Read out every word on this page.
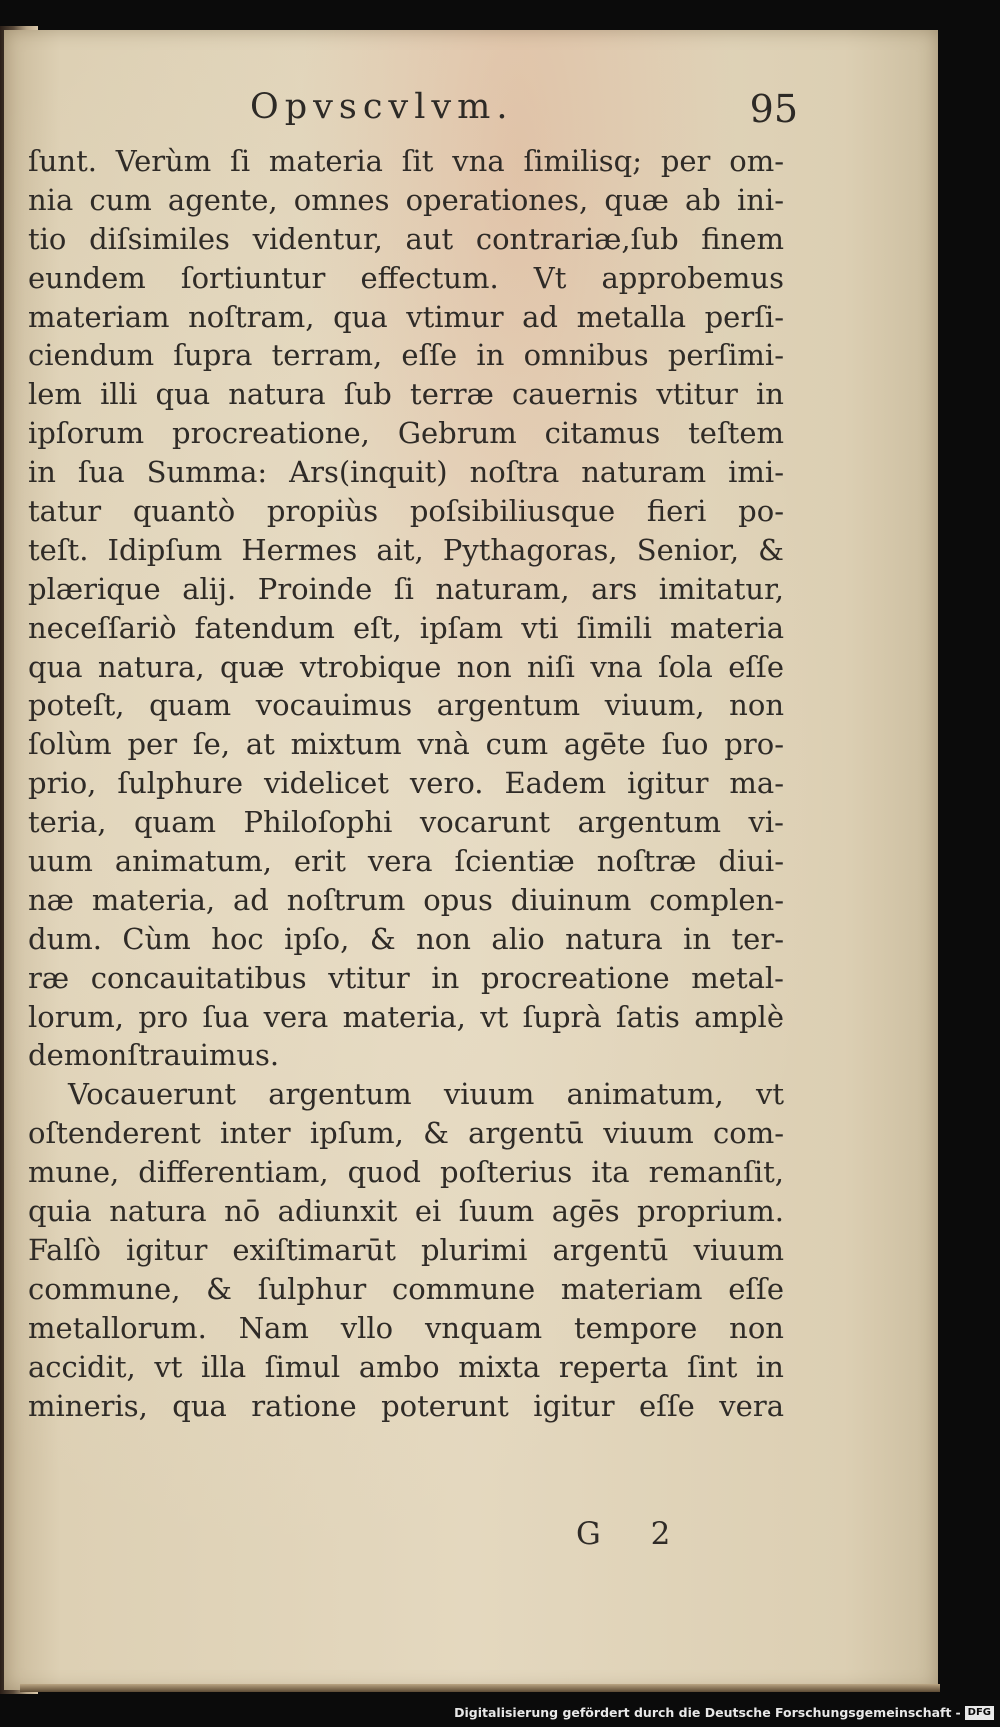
Opvscvlvm.	95
ſunt. Verùm ſi materia ſit vna ſimilisq; per om-
nia cum agente, omnes operationes, quæ ab ini-
tio diſsimiles videntur, aut contrariæ,ſub finem
eundem ſortiuntur effectum. Vt approbemus
materiam noſtram, qua vtimur ad metalla perſi-
ciendum ſupra terram, eſſe in omnibus perſimi-
lem illi qua natura ſub terræ cauernis vtitur in
ipſorum procreatione, Gebrum citamus teſtem
in ſua Summa: Ars(inquit) noſtra naturam imi-
tatur quantò propiùs poſsibiliusque fieri po-
teſt. Idipſum Hermes ait, Pythagoras, Senior, &
plærique alij. Proinde ſi naturam, ars imitatur,
neceſſariò fatendum eſt, ipſam vti ſimili materia
qua natura, quæ vtrobique non niſi vna ſola eſſe
poteſt, quam vocauimus argentum viuum, non
ſolùm per ſe, at mixtum vnà cum agēte ſuo pro-
prio, ſulphure videlicet vero. Eadem igitur ma-
teria, quam Philoſophi vocarunt argentum vi-
uum animatum, erit vera ſcientiæ noſtræ diui-
næ materia, ad noſtrum opus diuinum complen-
dum. Cùm hoc ipſo, & non alio natura in ter-
ræ concauitatibus vtitur in procreatione metal-
lorum, pro ſua vera materia, vt ſuprà ſatis amplè
demonſtrauimus.
Vocauerunt argentum viuum animatum, vt
oſtenderent inter ipſum, & argentū viuum com-
mune, differentiam, quod poſterius ita remanſit,
quia natura nō adiunxit ei ſuum agēs proprium.
Falſò igitur exiſtimarūt plurimi argentū viuum
commune, & ſulphur commune materiam eſſe
metallorum. Nam vllo vnquam tempore non
accidit, vt illa ſimul ambo mixta reperta ſint in
mineris, qua ratione poterunt igitur eſſe vera
G 2
Digitalisierung gefördert durch die Deutsche Forschungsgemeinschaft - DFG
